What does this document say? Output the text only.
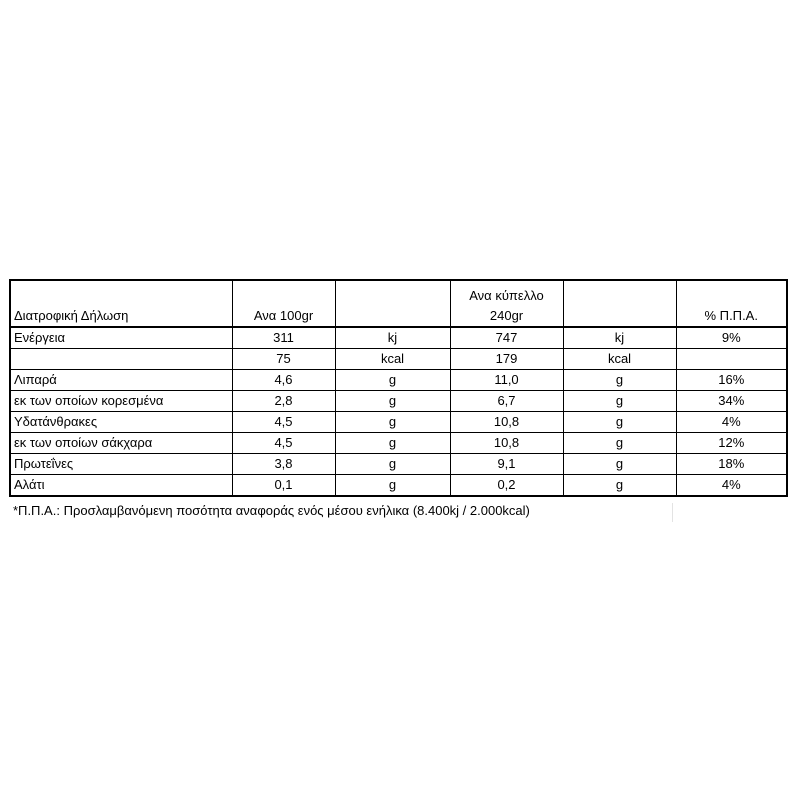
Διατροφική Δήλωση	Ανα 100gr		Ανα κύπελλο 240gr		% Π.Π.Α.
Ενέργεια	311	kj	747	kj	9%
	75	kcal	179	kcal	
Λιπαρά	4,6	g	11,0	g	16%
εκ των οποίων κορεσμένα	2,8	g	6,7	g	34%
Υδατάνθρακες	4,5	g	10,8	g	4%
εκ των οποίων σάκχαρα	4,5	g	10,8	g	12%
Πρωτεΐνες	3,8	g	9,1	g	18%
Αλάτι	0,1	g	0,2	g	4%
*Π.Π.Α.: Προσλαμβανόμενη ποσότητα αναφοράς ενός μέσου ενήλικα (8.400kj / 2.000kcal)
